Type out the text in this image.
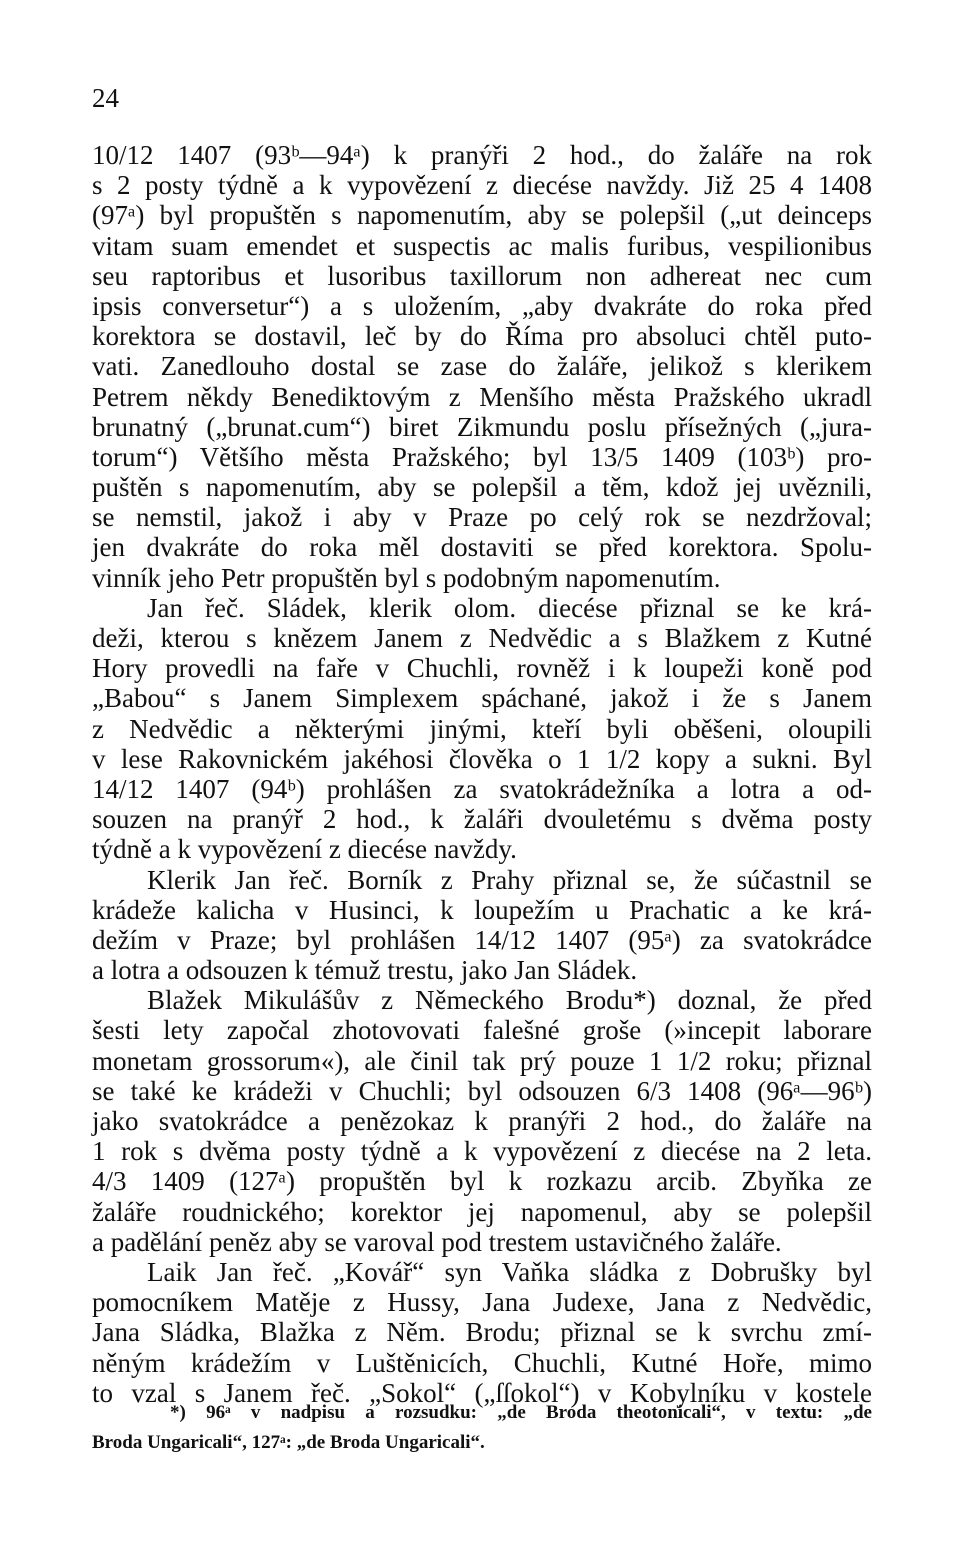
24
10/12 1407 (93ᵇ—94ᵃ) k pranýři 2 hod., do žaláře na rok
s 2 posty týdně a k vypovězení z diecése navždy. Již 25 4 1408
(97ᵃ) byl propuštěn s napomenutím, aby se polepšil („ut deinceps
vitam suam emendet et suspectis ac malis furibus, vespilionibus
seu raptoribus et lusoribus taxillorum non adhereat nec cum
ipsis conversetur“) a s uložením, „aby dvakráte do roka před
korektora se dostavil, leč by do Říma pro absoluci chtěl puto-
vati. Zanedlouho dostal se zase do žaláře, jelikož s klerikem
Petrem někdy Benediktovým z Menšího města Pražského ukradl
brunatný („brunat.cum“) biret Zikmundu poslu přísežných („jura-
torum“) Většího města Pražského; byl 13/5 1409 (103ᵇ) pro-
puštěn s napomenutím, aby se polepšil a těm, kdož jej uvěznili,
se nemstil, jakož i aby v Praze po celý rok se nezdržoval;
jen dvakráte do roka měl dostaviti se před korektora. Spolu-
vinník jeho Petr propuštěn byl s podobným napomenutím.
Jan řeč. Sládek, klerik olom. diecése přiznal se ke krá-
deži, kterou s knězem Janem z Nedvědic a s Blažkem z Kutné
Hory provedli na faře v Chuchli, rovněž i k loupeži koně pod
„Babou“ s Janem Simplexem spáchané, jakož i že s Janem
z Nedvědic a některými jinými, kteří byli oběšeni, oloupili
v lese Rakovnickém jakéhosi člověka o 1 1/2 kopy a sukni. Byl
14/12 1407 (94ᵇ) prohlášen za svatokrádežníka a lotra a od-
souzen na pranýř 2 hod., k žaláři dvouletému s dvěma posty
týdně a k vypovězení z diecése navždy.
Klerik Jan řeč. Borník z Prahy přiznal se, že súčastnil se
krádeže kalicha v Husinci, k loupežím u Prachatic a ke krá-
dežím v Praze; byl prohlášen 14/12 1407 (95ᵃ) za svatokrádce
a lotra a odsouzen k témuž trestu, jako Jan Sládek.
Blažek Mikulášův z Německého Brodu*) doznal, že před
šesti lety započal zhotovovati falešné groše (»incepit laborare
monetam grossorum«), ale činil tak prý pouze 1 1/2 roku; přiznal
se také ke krádeži v Chuchli; byl odsouzen 6/3 1408 (96ᵃ—96ᵇ)
jako svatokrádce a penězokaz k pranýři 2 hod., do žaláře na
1 rok s dvěma posty týdně a k vypovězení z diecése na 2 leta.
4/3 1409 (127ᵃ) propuštěn byl k rozkazu arcib. Zbyňka ze
žaláře roudnického; korektor jej napomenul, aby se polepšil
a padělání peněz aby se varoval pod trestem ustavičného žaláře.
Laik Jan řeč. „Kovář“ syn Vaňka sládka z Dobrušky byl
pomocníkem Matěje z Hussy, Jana Judexe, Jana z Nedvědic,
Jana Sládka, Blažka z Něm. Brodu; přiznal se k svrchu zmí-
něným krádežím v Luštěnicích, Chuchli, Kutné Hoře, mimo
to vzal s Janem řeč. „Sokol“ („ſſokol“) v Kobylníku v kostele
*) 96ᵃ v nadpisu a rozsudku: „de Broda theotonicali“, v textu: „de
Broda Ungaricali“, 127ᵃ: „de Broda Ungaricali“.
